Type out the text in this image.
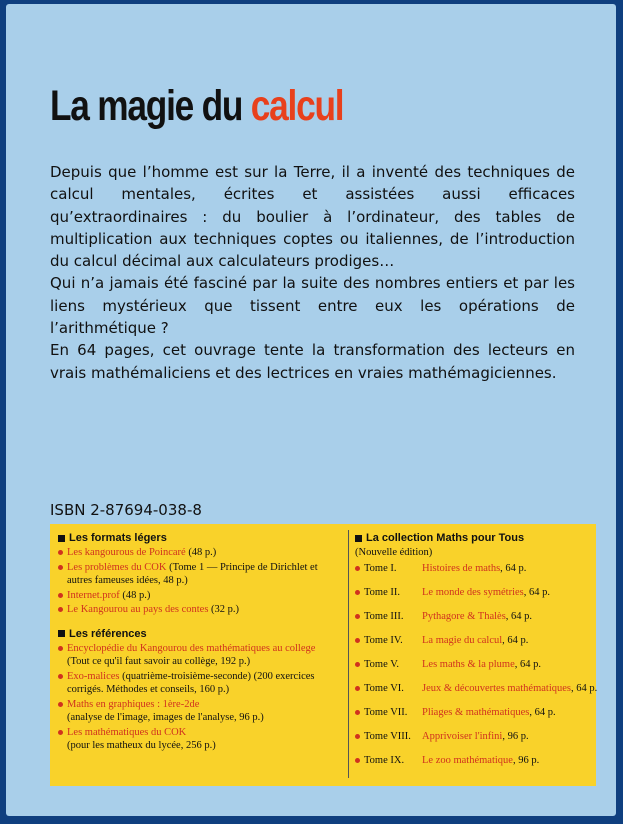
La magie du calcul

Depuis que l’homme est sur la Terre, il a inventé des techniques de calcul mentales, écrites et assistées aussi efficaces qu’extraordinaires : du boulier à l’ordinateur, des tables de multiplication aux techniques coptes ou italiennes, de l’introduction du calcul décimal aux calculateurs prodiges…

Qui n’a jamais été fasciné par la suite des nombres entiers et par les liens mystérieux que tissent entre eux les opérations de l’arithmétique ?

En 64 pages, cet ouvrage tente la transformation des lecteurs en vrais mathémaliciens et des lectrices en vraies mathémagiciennes.

ISBN 2-87694-038-8
Les formats légers
Les kangourous de Poincaré (48 p.)
Les problèmes du COK (Tome 1 — Principe de Dirichlet et autres fameuses idées, 48 p.)
Internet.prof (48 p.)
Le Kangourou au pays des contes (32 p.)
Les références
Encyclopédie du Kangourou des mathématiques au college
(Tout ce qu'il faut savoir au collège, 192 p.)
Exo-malices (quatrième-troisième-seconde) (200 exercices corrigés. Méthodes et conseils, 160 p.)
Maths en graphiques : 1ère-2de
(analyse de l'image, images de l'analyse, 96 p.)
Les mathématiques du COK
(pour les matheux du lycée, 256 p.)
La collection Maths pour Tous
(Nouvelle édition)
Tome I. Histoires de maths, 64 p.
Tome II. Le monde des symétries, 64 p.
Tome III. Pythagore & Thalès, 64 p.
Tome IV. La magie du calcul, 64 p.
Tome V. Les maths & la plume, 64 p.
Tome VI. Jeux & découvertes mathématiques, 64 p.
Tome VII. Pliages & mathématiques, 64 p.
Tome VIII. Apprivoiser l'infini, 96 p.
Tome IX. Le zoo mathématique, 96 p.
